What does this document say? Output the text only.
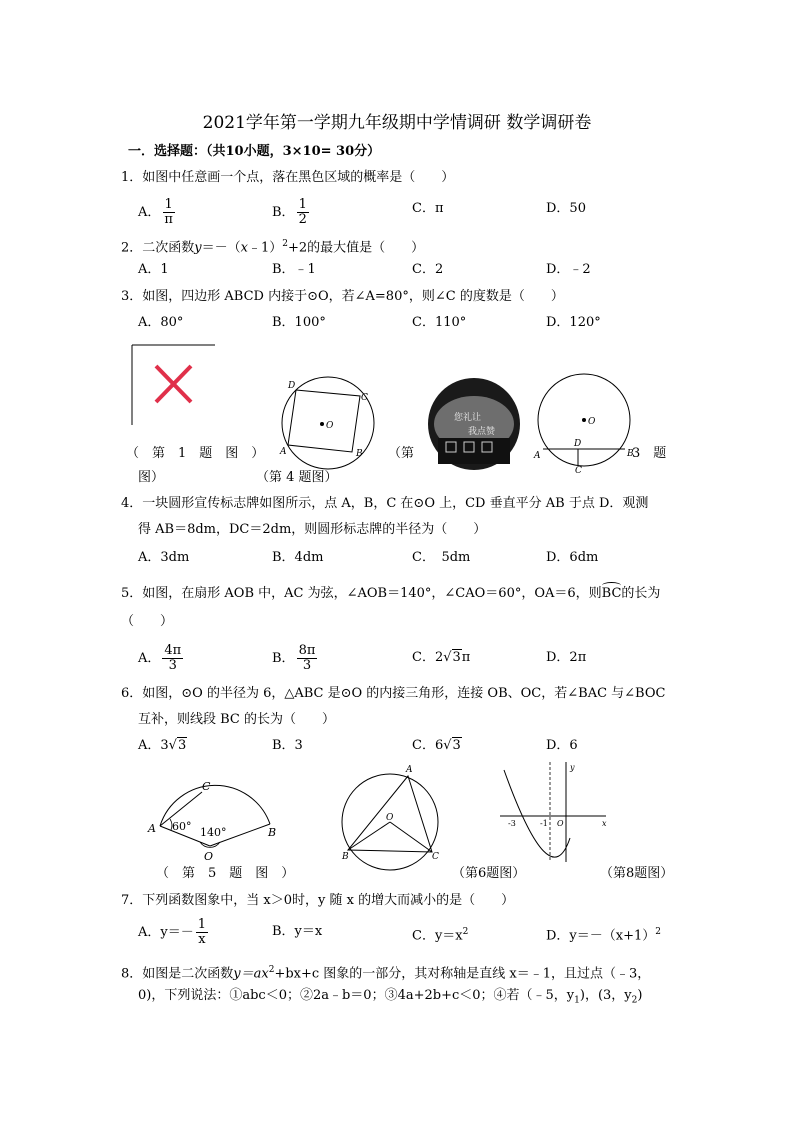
2021学年第一学期九年级期中学情调研 数学调研卷
一．选择题：（共10小题，3×10= 30分）
1．如图中任意画一个点，落在黑色区域的概率是（　　）
A． $\frac{1}{\pi}$	B． $\frac{1}{2}$	C．π	D．50
2．二次函数y＝－（x﹣1）$^2$+2的最大值是（　　）
A．1	B．﹣1	C．2	D．﹣2
3．如图，四边形 ABCD 内接于⊙O，若∠A=80°，则∠C 的度数是（　　）
A．80°	B．100°	C．110°	D．120°
D
C
A	B
O
您礼让
我点赞
O
D
A	B
C
（　第　1　题　图　）
图）	（第 4 题图）
（第	3　题
4．一块圆形宣传标志牌如图所示，点 A，B，C 在⊙O 上，CD 垂直平分 AB 于点 D．观测
得 AB＝8dm，DC＝2dm，则圆形标志牌的半径为（　　）
A．3dm	B．4dm	C．　5dm	D．6dm
5．如图，在扇形 AOB 中，AC 为弦，∠AOB＝140°，∠CAO＝60°，OA＝6，则BC的长为
（　　）
A． $\frac{4\pi}{3}$	B． $\frac{8\pi}{3}$	C．2√3π	D．2π
6．如图，⊙O 的半径为 6，△ABC 是⊙O 的内接三角形，连接 OB、OC，若∠BAC 与∠BOC
互补，则线段 BC 的长为（　　）
A．3√3	B．3	C．6√3	D．6
C
A	B
O
60° 140°
A
B	C
O
-3	-1 O	x
y
（　第　5　题　图　）	（第6题图）	（第8题图）
7．下列函数图象中，当 x＞0时，y 随 x 的增大而减小的是（　　）
A．$y=- \frac{1}{x}$	B．y＝x	C．$y=x^2$	D．$y=-(x+1)^2$
8．如图是二次函数$y=ax^2+bx+c$ 图象的一部分，其对称轴是直线 x＝﹣1，且过点（﹣3，
0)，下列说法：①abc＜0；②2a﹣b＝0；③4a+2b+c＜0；④若（﹣5，$y_1$)，(3，$y_2$)
